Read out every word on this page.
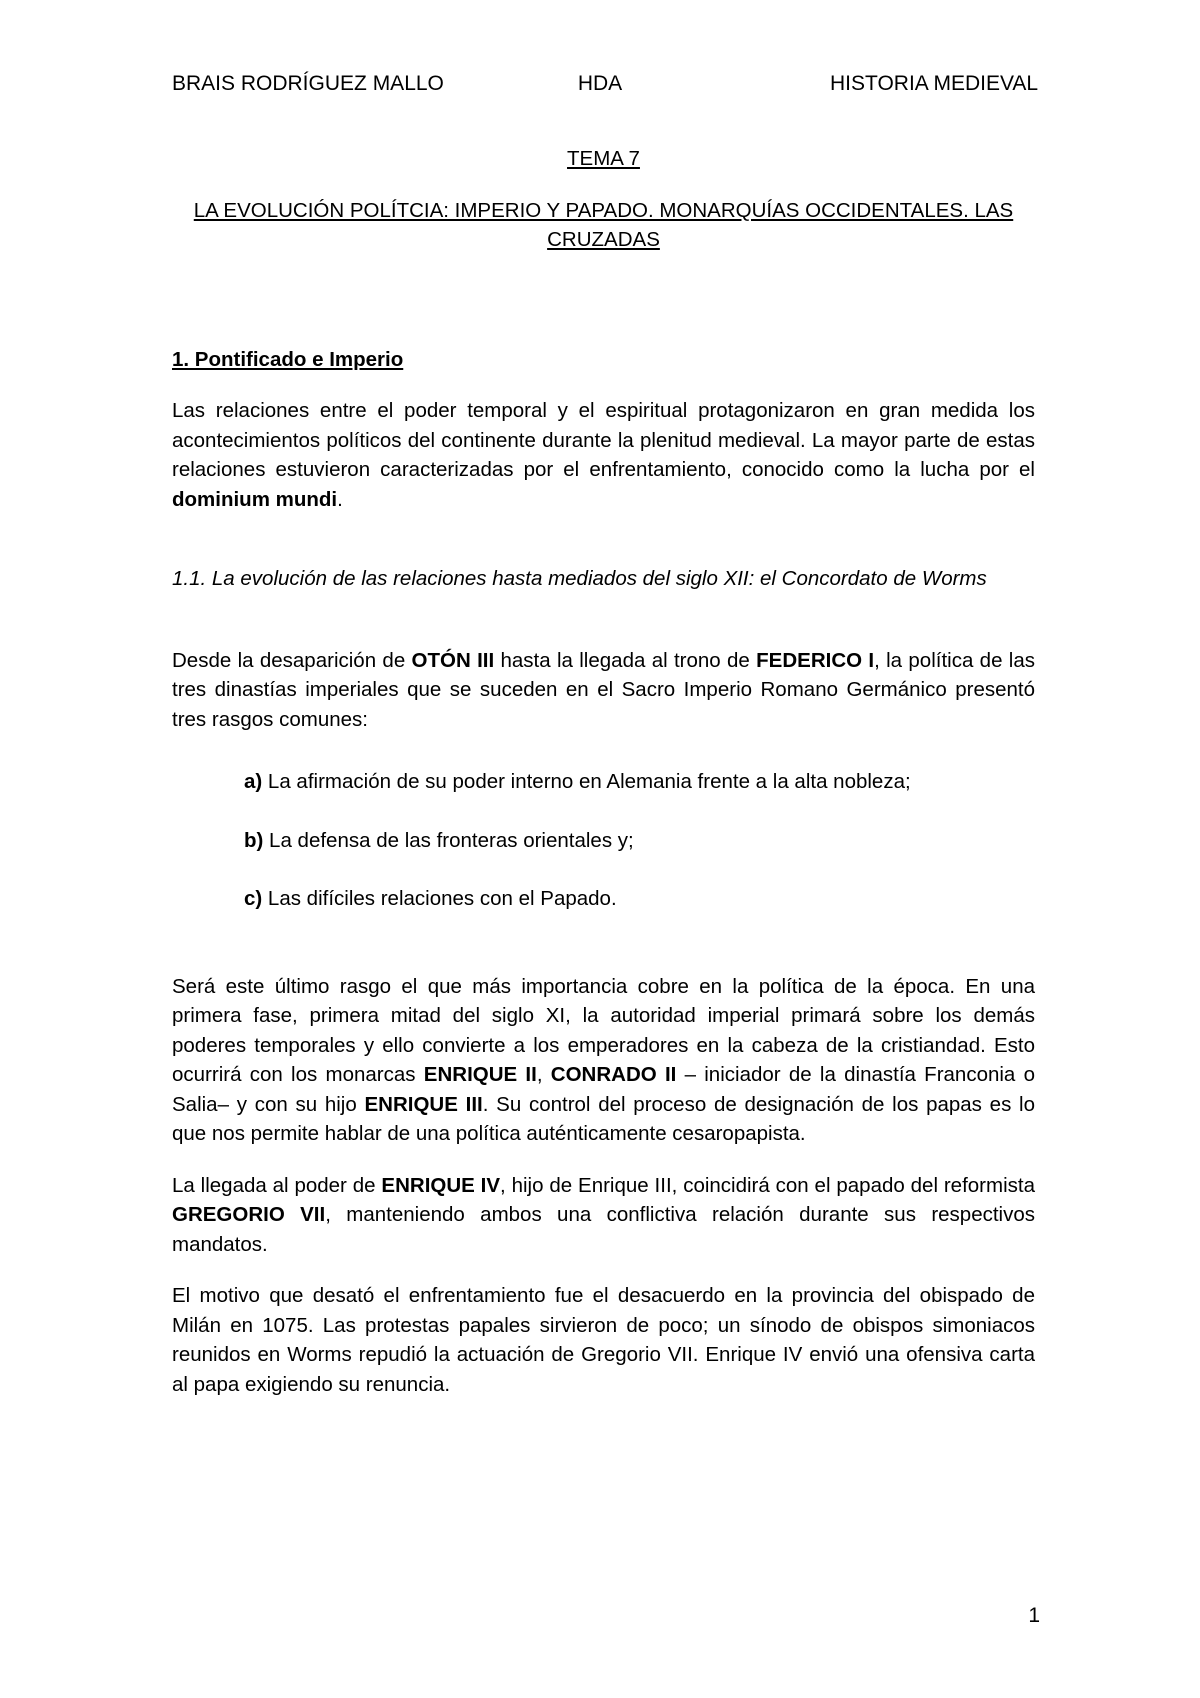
BRAIS RODRÍGUEZ MALLO	HDA	HISTORIA MEDIEVAL
TEMA 7
LA EVOLUCIÓN POLÍTCIA: IMPERIO Y PAPADO. MONARQUÍAS OCCIDENTALES. LAS CRUZADAS
1. Pontificado e Imperio

Las relaciones entre el poder temporal y el espiritual protagonizaron en gran medida los acontecimientos políticos del continente durante la plenitud medieval. La mayor parte de estas relaciones estuvieron caracterizadas por el enfrentamiento, conocido como la lucha por el dominium mundi.

1.1. La evolución de las relaciones hasta mediados del siglo XII: el Concordato de Worms

Desde la desaparición de OTÓN III hasta la llegada al trono de FEDERICO I, la política de las tres dinastías imperiales que se suceden en el Sacro Imperio Romano Germánico presentó tres rasgos comunes:

a) La afirmación de su poder interno en Alemania frente a la alta nobleza;
b) La defensa de las fronteras orientales y;
c) Las difíciles relaciones con el Papado.

Será este último rasgo el que más importancia cobre en la política de la época. En una primera fase, primera mitad del siglo XI, la autoridad imperial primará sobre los demás poderes temporales y ello convierte a los emperadores en la cabeza de la cristiandad. Esto ocurrirá con los monarcas ENRIQUE II, CONRADO II – iniciador de la dinastía Franconia o Salia– y con su hijo ENRIQUE III. Su control del proceso de designación de los papas es lo que nos permite hablar de una política auténticamente cesaropapista.

La llegada al poder de ENRIQUE IV, hijo de Enrique III, coincidirá con el papado del reformista GREGORIO VII, manteniendo ambos una conflictiva relación durante sus respectivos mandatos.

El motivo que desató el enfrentamiento fue el desacuerdo en la provincia del obispado de Milán en 1075. Las protestas papales sirvieron de poco; un sínodo de obispos simoniacos reunidos en Worms repudió la actuación de Gregorio VII. Enrique IV envió una ofensiva carta al papa exigiendo su renuncia.

1
